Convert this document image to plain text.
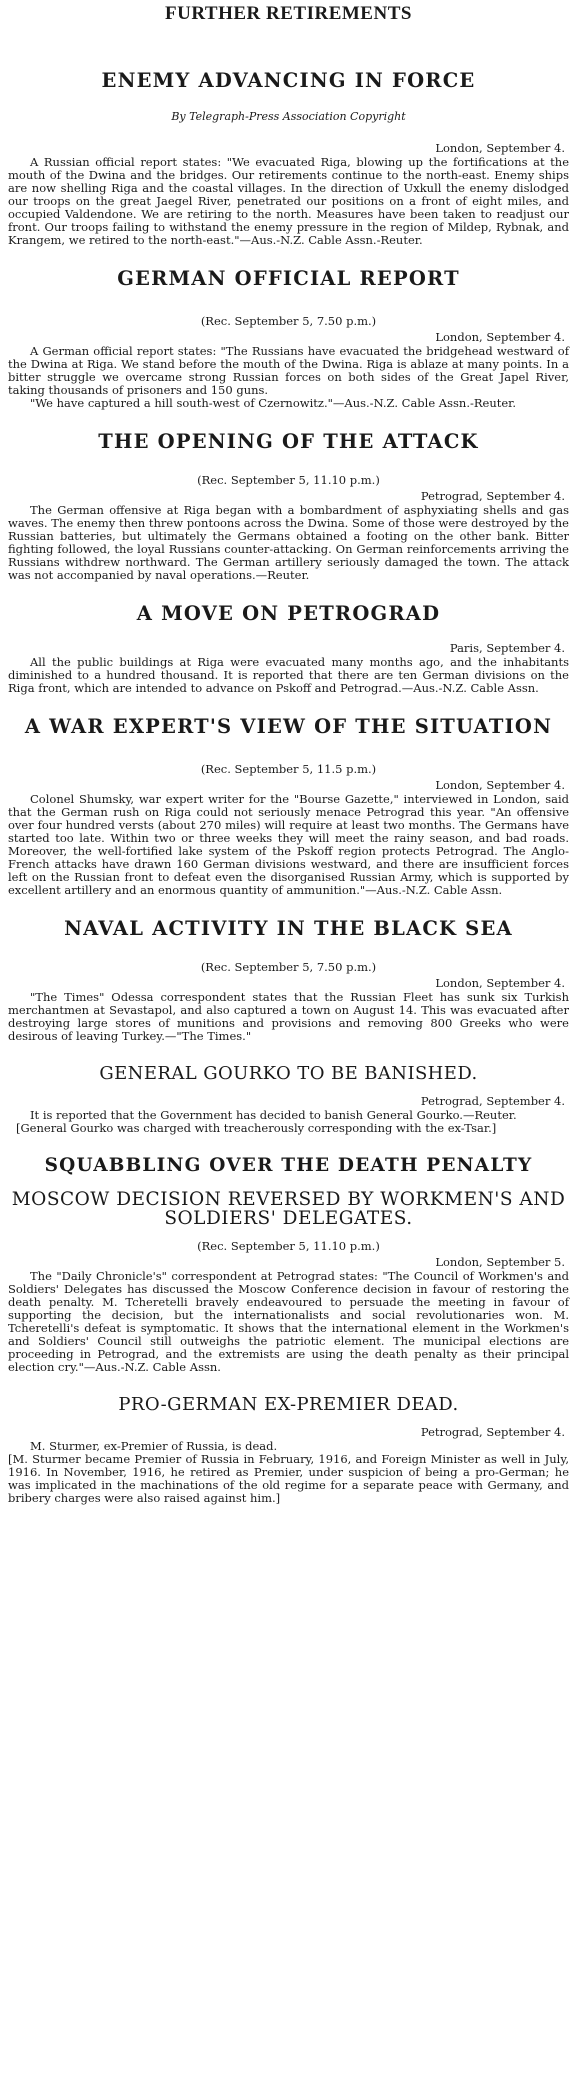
FURTHER RETIREMENTS
ENEMY ADVANCING IN FORCE
By Telegraph-Press Association Copyright
London, September 4.

A Russian official report states: "We evacuated Riga, blowing up the fortifications at the mouth of the Dwina and the bridges. Our retirements continue to the north-east. Enemy ships are now shelling Riga and the coastal villages. In the direction of Uxkull the enemy dislodged our troops on the great Jaegel River, penetrated our positions on a front of eight miles, and occupied Valdendone. We are retiring to the north. Measures have been taken to readjust our front. Our troops failing to withstand the enemy pressure in the region of Mildep, Rybnak, and Krangem, we retired to the north-east."—Aus.-N.Z. Cable Assn.-Reuter.

GERMAN OFFICIAL REPORT
(Rec. September 5, 7.50 p.m.)
London, September 4.

A German official report states: "The Russians have evacuated the bridgehead westward of the Dwina at Riga. We stand before the mouth of the Dwina. Riga is ablaze at many points. In a bitter struggle we overcame strong Russian forces on both sides of the Great Japel River, taking thousands of prisoners and 150 guns.

"We have captured a hill south-west of Czernowitz."—Aus.-N.Z. Cable Assn.-Reuter.

THE OPENING OF THE ATTACK
(Rec. September 5, 11.10 p.m.)
Petrograd, September 4.

The German offensive at Riga began with a bombardment of asphyxiating shells and gas waves. The enemy then threw pontoons across the Dwina. Some of those were destroyed by the Russian batteries, but ultimately the Germans obtained a footing on the other bank. Bitter fighting followed, the loyal Russians counter-attacking. On German reinforcements arriving the Russians withdrew northward. The German artillery seriously damaged the town. The attack was not accompanied by naval operations.—Reuter.

A MOVE ON PETROGRAD
Paris, September 4.

All the public buildings at Riga were evacuated many months ago, and the inhabitants diminished to a hundred thousand. It is reported that there are ten German divisions on the Riga front, which are intended to advance on Pskoff and Petrograd.—Aus.-N.Z. Cable Assn.

A WAR EXPERT'S VIEW OF THE SITUATION
(Rec. September 5, 11.5 p.m.)
London, September 4.

Colonel Shumsky, war expert writer for the "Bourse Gazette," interviewed in London, said that the German rush on Riga could not seriously menace Petrograd this year. "An offensive over four hundred versts (about 270 miles) will require at least two months. The Germans have started too late. Within two or three weeks they will meet the rainy season, and bad roads. Moreover, the well-fortified lake system of the Pskoff region protects Petrograd. The Anglo-French attacks have drawn 160 German divisions westward, and there are insufficient forces left on the Russian front to defeat even the disorganised Russian Army, which is supported by excellent artillery and an enormous quantity of ammunition."—Aus.-N.Z. Cable Assn.

NAVAL ACTIVITY IN THE BLACK SEA
(Rec. September 5, 7.50 p.m.)
London, September 4.

"The Times" Odessa correspondent states that the Russian Fleet has sunk six Turkish merchantmen at Sevastapol, and also captured a town on August 14. This was evacuated after destroying large stores of munitions and provisions and removing 800 Greeks who were desirous of leaving Turkey.—"The Times."

GENERAL GOURKO TO BE BANISHED.
Petrograd, September 4.

It is reported that the Government has decided to banish General Gourko.—Reuter.

[General Gourko was charged with treacherously corresponding with the ex-Tsar.]

SQUABBLING OVER THE DEATH PENALTY
MOSCOW DECISION REVERSED BY WORKMEN'S AND SOLDIERS' DELEGATES.
(Rec. September 5, 11.10 p.m.)
London, September 5.

The "Daily Chronicle's" correspondent at Petrograd states: "The Council of Workmen's and Soldiers' Delegates has discussed the Moscow Conference decision in favour of restoring the death penalty. M. Tcheretelli bravely endeavoured to persuade the meeting in favour of supporting the decision, but the internationalists and social revolutionaries won. M. Tcheretelli's defeat is symptomatic. It shows that the international element in the Workmen's and Soldiers' Council still outweighs the patriotic element. The municipal elections are proceeding in Petrograd, and the extremists are using the death penalty as their principal election cry."—Aus.-N.Z. Cable Assn.

PRO-GERMAN EX-PREMIER DEAD.
Petrograd, September 4.

M. Sturmer, ex-Premier of Russia, is dead.

[M. Sturmer became Premier of Russia in February, 1916, and Foreign Minister as well in July, 1916. In November, 1916, he retired as Premier, under suspicion of being a pro-German; he was implicated in the machinations of the old regime for a separate peace with Germany, and bribery charges were also raised against him.]
